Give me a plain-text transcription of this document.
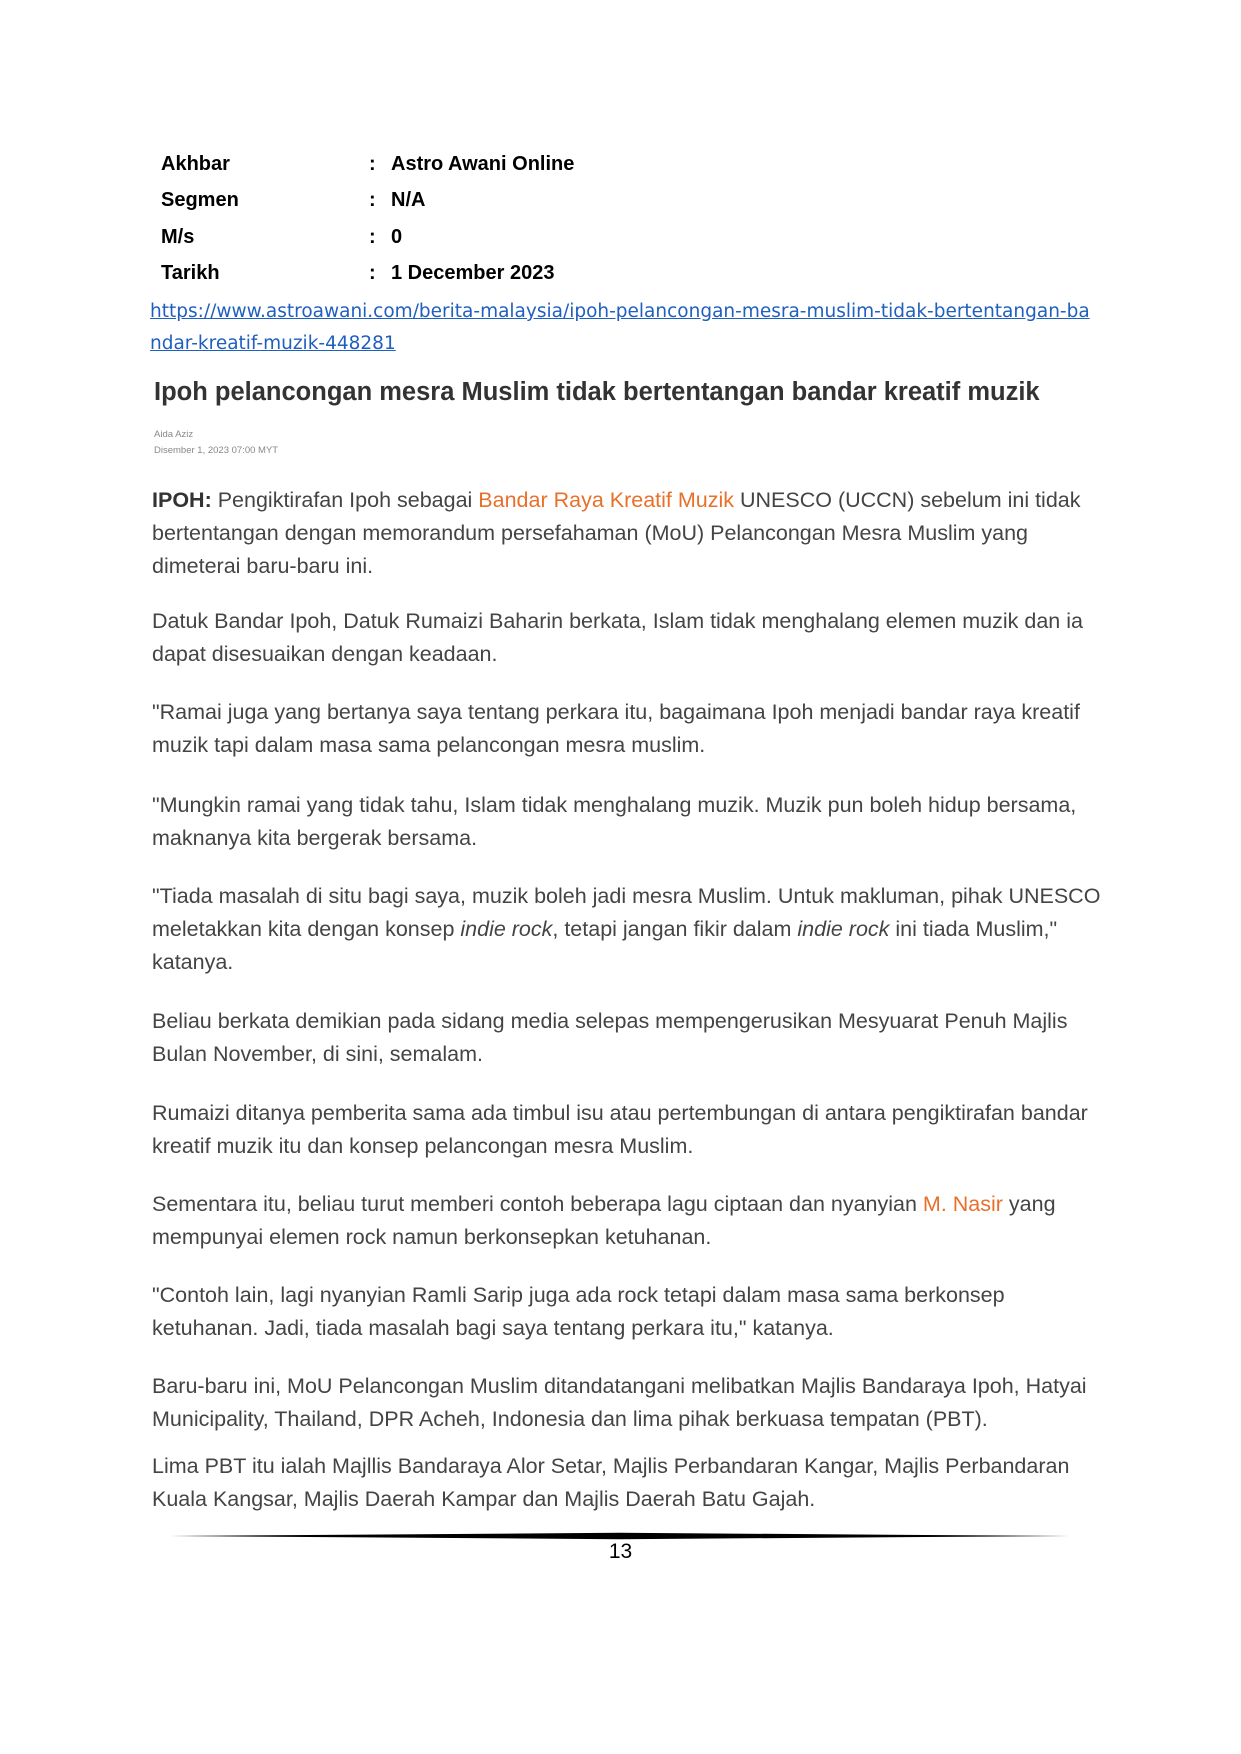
Akhbar	:	Astro Awani Online
Segmen	:	N/A
M/s	:	0
Tarikh	:	1 December 2023
https://www.astroawani.com/berita-malaysia/ipoh-pelancongan-mesra-muslim-tidak-bertentangan-bandar-kreatif-muzik-448281
Ipoh pelancongan mesra Muslim tidak bertentangan bandar kreatif muzik
Aida Aziz
Disember 1, 2023 07:00 MYT

IPOH: Pengiktirafan Ipoh sebagai Bandar Raya Kreatif Muzik UNESCO (UCCN) sebelum ini tidak bertentangan dengan memorandum persefahaman (MoU) Pelancongan Mesra Muslim yang dimeterai baru-baru ini.

Datuk Bandar Ipoh, Datuk Rumaizi Baharin berkata, Islam tidak menghalang elemen muzik dan ia dapat disesuaikan dengan keadaan.

"Ramai juga yang bertanya saya tentang perkara itu, bagaimana Ipoh menjadi bandar raya kreatif muzik tapi dalam masa sama pelancongan mesra muslim.

"Mungkin ramai yang tidak tahu, Islam tidak menghalang muzik. Muzik pun boleh hidup bersama, maknanya kita bergerak bersama.

"Tiada masalah di situ bagi saya, muzik boleh jadi mesra Muslim. Untuk makluman, pihak UNESCO meletakkan kita dengan konsep indie rock, tetapi jangan fikir dalam indie rock ini tiada Muslim," katanya.

Beliau berkata demikian pada sidang media selepas mempengerusikan Mesyuarat Penuh Majlis Bulan November, di sini, semalam.

Rumaizi ditanya pemberita sama ada timbul isu atau pertembungan di antara pengiktirafan bandar kreatif muzik itu dan konsep pelancongan mesra Muslim.

Sementara itu, beliau turut memberi contoh beberapa lagu ciptaan dan nyanyian M. Nasir yang mempunyai elemen rock namun berkonsepkan ketuhanan.

"Contoh lain, lagi nyanyian Ramli Sarip juga ada rock tetapi dalam masa sama berkonsep ketuhanan. Jadi, tiada masalah bagi saya tentang perkara itu," katanya.

Baru-baru ini, MoU Pelancongan Muslim ditandatangani melibatkan Majlis Bandaraya Ipoh, Hatyai Municipality, Thailand, DPR Acheh, Indonesia dan lima pihak berkuasa tempatan (PBT).

Lima PBT itu ialah Majllis Bandaraya Alor Setar, Majlis Perbandaran Kangar, Majlis Perbandaran Kuala Kangsar, Majlis Daerah Kampar dan Majlis Daerah Batu Gajah.

13
